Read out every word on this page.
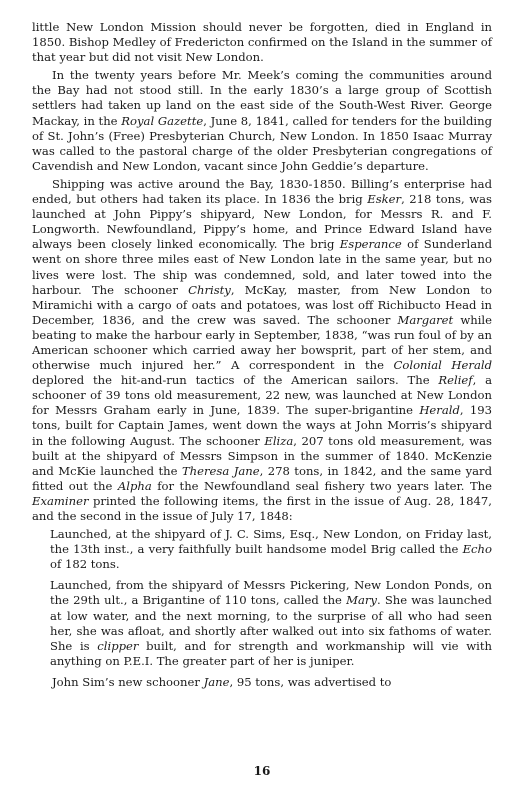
little New London Mission should never be forgotten, died in England in 1850. Bishop Medley of Fredericton confirmed on the Island in the summer of that year but did not visit New London.

In the twenty years before Mr. Meek’s coming the communities around the Bay had not stood still. In the early 1830’s a large group of Scottish settlers had taken up land on the east side of the South-West River. George Mackay, in the Royal Gazette, June 8, 1841, called for tenders for the building of St. John’s (Free) Presbyterian Church, New London. In 1850 Isaac Murray was called to the pastoral charge of the older Presbyterian congregations of Cavendish and New London, vacant since John Geddie’s departure.

Shipping was active around the Bay, 1830-1850. Billing’s enterprise had ended, but others had taken its place. In 1836 the brig Esker, 218 tons, was launched at John Pippy’s shipyard, New London, for Messrs R. and F. Longworth. Newfoundland, Pippy’s home, and Prince Edward Island have always been closely linked economically. The brig Esperance of Sunderland went on shore three miles east of New London late in the same year, but no lives were lost. The ship was condemned, sold, and later towed into the harbour. The schooner Christy, McKay, master, from New London to Miramichi with a cargo of oats and potatoes, was lost off Richibucto Head in December, 1836, and the crew was saved. The schooner Margaret while beating to make the harbour early in September, 1838, “was run foul of by an American schooner which carried away her bowsprit, part of her stem, and otherwise much injured her.” A correspondent in the Colonial Herald deplored the hit-and-run tactics of the American sailors. The Relief, a schooner of 39 tons old measurement, 22 new, was launched at New London for Messrs Graham early in June, 1839. The super-brigantine Herald, 193 tons, built for Captain James, went down the ways at John Morris’s shipyard in the following August. The schooner Eliza, 207 tons old measurement, was built at the shipyard of Messrs Simpson in the summer of 1840. McKenzie and McKie launched the Theresa Jane, 278 tons, in 1842, and the same yard fitted out the Alpha for the Newfoundland seal fishery two years later. The Examiner printed the following items, the first in the issue of Aug. 28, 1847, and the second in the issue of July 17, 1848:

Launched, at the shipyard of J. C. Sims, Esq., New London, on Friday last, the 13th inst., a very faithfully built handsome model Brig called the Echo of 182 tons.

Launched, from the shipyard of Messrs Pickering, New London Ponds, on the 29th ult., a Brigantine of 110 tons, called the Mary. She was launched at low water, and the next morning, to the surprise of all who had seen her, she was afloat, and shortly after walked out into six fathoms of water. She is clipper built, and for strength and workmanship will vie with anything on P.E.I. The greater part of her is juniper.

John Sim’s new schooner Jane, 95 tons, was advertised to

16
